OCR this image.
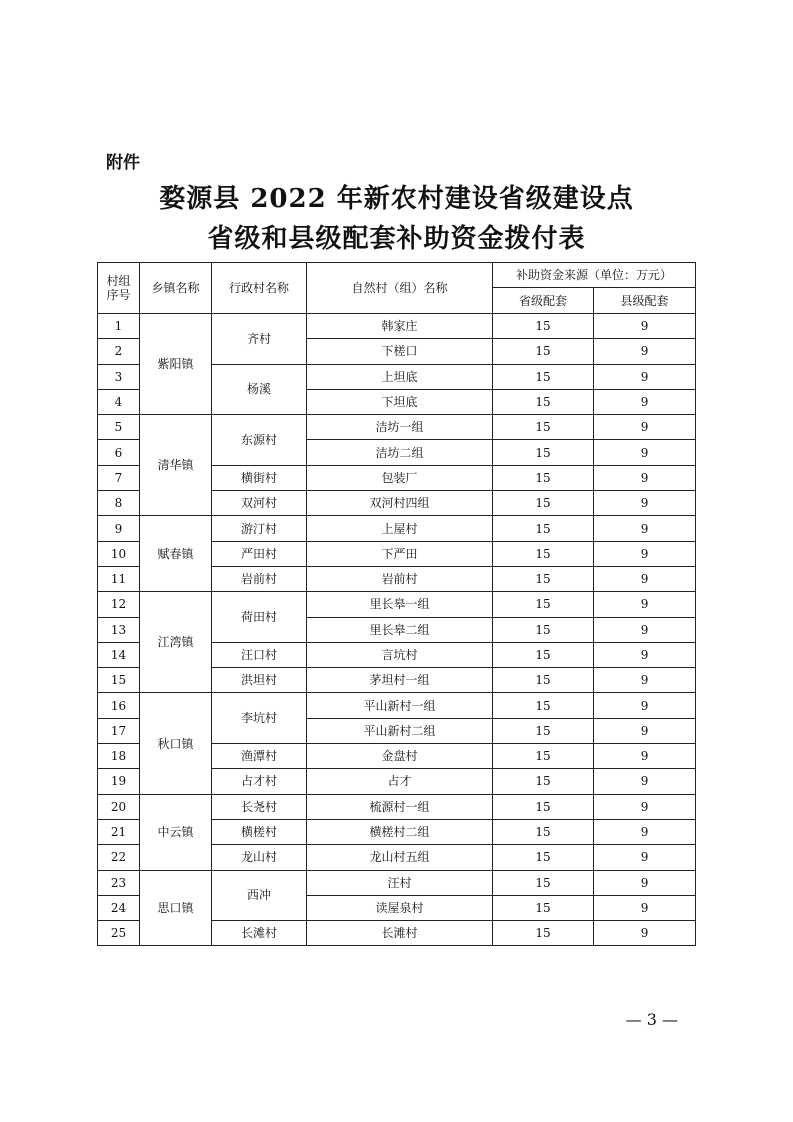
附件
婺源县 2022 年新农村建设省级建设点
省级和县级配套补助资金拨付表
村组序号	乡镇名称	行政村名称	自然村（组）名称	补助资金来源（单位：万元）	
				省级配套	县级配套
1	紫阳镇	齐村	韩家庄	15	9
2			下槎口	15	9
3		杨溪	上坦底	15	9
4			下坦底	15	9
5	清华镇	东源村	洁坊一组	15	9
6			洁坊二组	15	9
7		横街村	包装厂	15	9
8		双河村	双河村四组	15	9
9	赋春镇	游汀村	上屋村	15	9
10		严田村	下严田	15	9
11		岩前村	岩前村	15	9
12	江湾镇	荷田村	里长皋一组	15	9
13			里长皋二组	15	9
14		汪口村	言坑村	15	9
15		洪坦村	茅坦村一组	15	9
16	秋口镇	李坑村	平山新村一组	15	9
17			平山新村二组	15	9
18		渔潭村	金盘村	15	9
19		占才村	占才	15	9
20	中云镇	长尧村	梳源村一组	15	9
21		横槎村	横槎村二组	15	9
22		龙山村	龙山村五组	15	9
23	思口镇	西冲	汪村	15	9
24			读屋泉村	15	9
25		长滩村	长滩村	15	9
— 3 —
